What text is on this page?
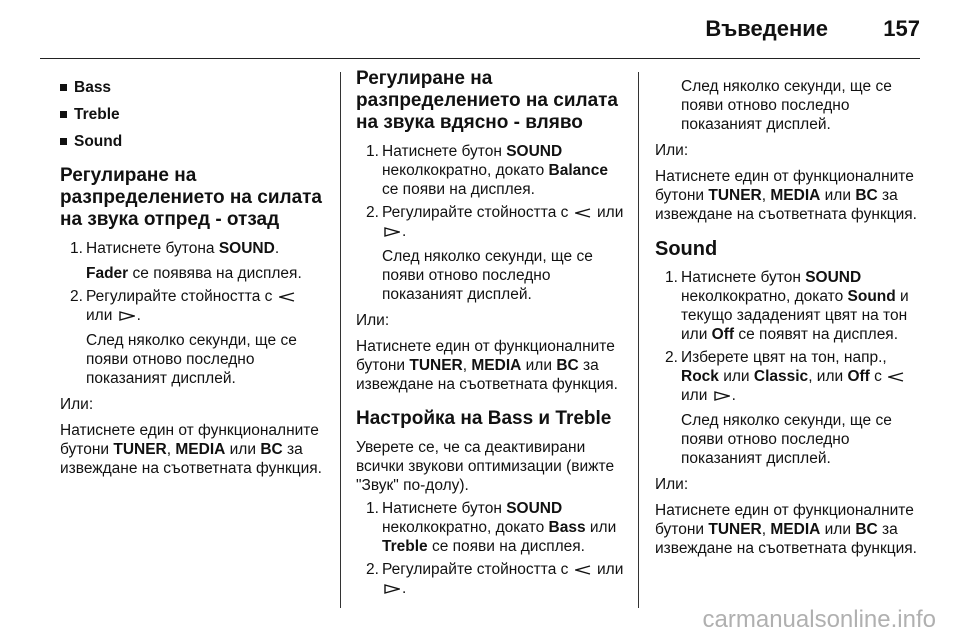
Въведение	157
Bass
Treble
Sound
Регулиране на разпределението на силата на звука отпред - отзад
1. Натиснете бутона SOUND.
Fader се появява на дисплея.
2. Регулирайте стойността с
или
.
След няколко секунди, ще се появи отново последно показаният дисплей.
Или:
Натиснете един от функционалните бутони TUNER, MEDIA или BC за извеждане на съответната функция.
Регулиране на разпределението на силата на звука вдясно - вляво
1. Натиснете бутон SOUND неколкократно, докато Balance се появи на дисплея.
2. Регулирайте стойността с
или
.
След няколко секунди, ще се появи отново последно показаният дисплей.
Или:
Натиснете един от функционалните бутони TUNER, MEDIA или BC за извеждане на съответната функция.
Настройка на Bass и Treble
Уверете се, че са деактивирани всички звукови оптимизации (вижте "Звук" по-долу).
1. Натиснете бутон SOUND неколкократно, докато Bass или Treble се появи на дисплея.
2. Регулирайте стойността с
или
.
След няколко секунди, ще се появи отново последно показаният дисплей.
Или:
Натиснете един от функционалните бутони TUNER, MEDIA или BC за извеждане на съответната функция.
Sound
1. Натиснете бутон SOUND неколкократно, докато Sound и текущо зададеният цвят на тон или Off се появят на дисплея.
2. Изберете цвят на тон, напр., Rock или Classic, или Off с
или
.
След няколко секунди, ще се появи отново последно показаният дисплей.
Или:
Натиснете един от функционалните бутони TUNER, MEDIA или BC за извеждане на съответната функция.
carmanualsonline.info
